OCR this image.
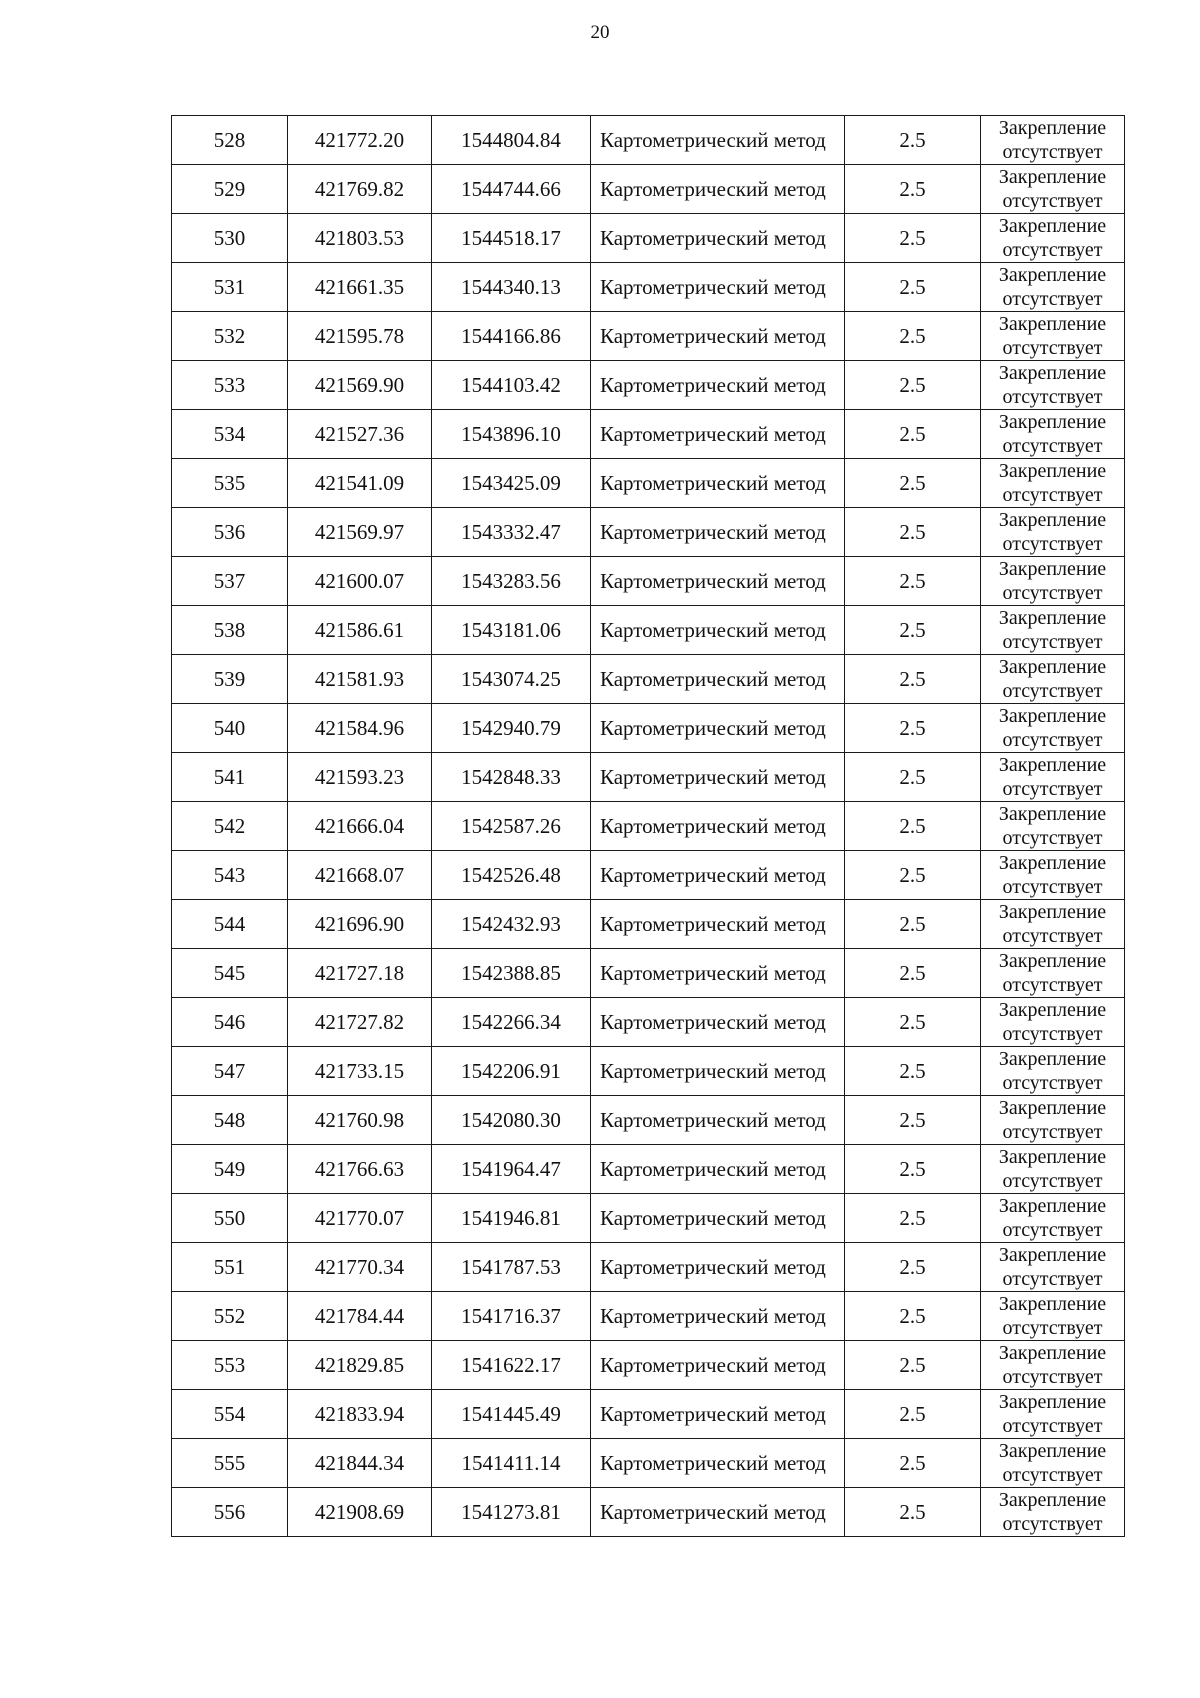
20
528	421772.20	1544804.84	Картометрический метод	2.5	Закрепление
отсутствует

529	421769.82	1544744.66	Картометрический метод	2.5	Закрепление
отсутствует

530	421803.53	1544518.17	Картометрический метод	2.5	Закрепление
отсутствует

531	421661.35	1544340.13	Картометрический метод	2.5	Закрепление
отсутствует

532	421595.78	1544166.86	Картометрический метод	2.5	Закрепление
отсутствует

533	421569.90	1544103.42	Картометрический метод	2.5	Закрепление
отсутствует

534	421527.36	1543896.10	Картометрический метод	2.5	Закрепление
отсутствует

535	421541.09	1543425.09	Картометрический метод	2.5	Закрепление
отсутствует

536	421569.97	1543332.47	Картометрический метод	2.5	Закрепление
отсутствует

537	421600.07	1543283.56	Картометрический метод	2.5	Закрепление
отсутствует

538	421586.61	1543181.06	Картометрический метод	2.5	Закрепление
отсутствует

539	421581.93	1543074.25	Картометрический метод	2.5	Закрепление
отсутствует

540	421584.96	1542940.79	Картометрический метод	2.5	Закрепление
отсутствует

541	421593.23	1542848.33	Картометрический метод	2.5	Закрепление
отсутствует

542	421666.04	1542587.26	Картометрический метод	2.5	Закрепление
отсутствует

543	421668.07	1542526.48	Картометрический метод	2.5	Закрепление
отсутствует

544	421696.90	1542432.93	Картометрический метод	2.5	Закрепление
отсутствует

545	421727.18	1542388.85	Картометрический метод	2.5	Закрепление
отсутствует

546	421727.82	1542266.34	Картометрический метод	2.5	Закрепление
отсутствует

547	421733.15	1542206.91	Картометрический метод	2.5	Закрепление
отсутствует

548	421760.98	1542080.30	Картометрический метод	2.5	Закрепление
отсутствует

549	421766.63	1541964.47	Картометрический метод	2.5	Закрепление
отсутствует

550	421770.07	1541946.81	Картометрический метод	2.5	Закрепление
отсутствует

551	421770.34	1541787.53	Картометрический метод	2.5	Закрепление
отсутствует

552	421784.44	1541716.37	Картометрический метод	2.5	Закрепление
отсутствует

553	421829.85	1541622.17	Картометрический метод	2.5	Закрепление
отсутствует

554	421833.94	1541445.49	Картометрический метод	2.5	Закрепление
отсутствует

555	421844.34	1541411.14	Картометрический метод	2.5	Закрепление
отсутствует

556	421908.69	1541273.81	Картометрический метод	2.5	Закрепление
отсутствует
